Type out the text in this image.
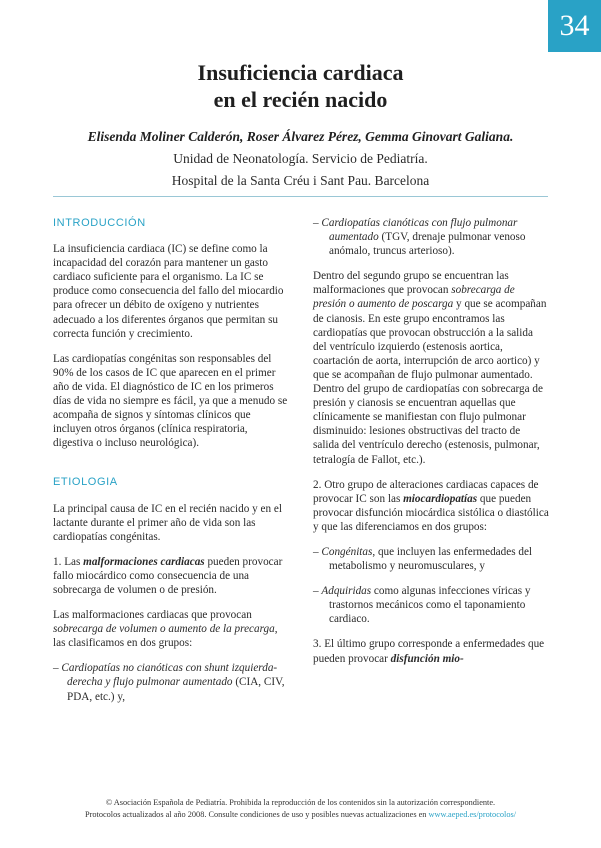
34
Insuficiencia cardiaca
en el recién nacido
Elisenda Moliner Calderón, Roser Álvarez Pérez, Gemma Ginovart Galiana.
Unidad de Neonatología. Servicio de Pediatría.
Hospital de la Santa Créu i Sant Pau. Barcelona
INTRODUCCIÓN

La insuficiencia cardiaca (IC) se define como la incapacidad del corazón para mantener un gasto cardiaco suficiente para el organismo. La IC se produce como consecuencia del fallo del miocardio para ofrecer un débito de oxígeno y nutrientes adecuado a los diferentes órganos que permitan su correcta función y crecimiento.

Las cardiopatías congénitas son responsables del 90% de los casos de IC que aparecen en el primer año de vida. El diagnóstico de IC en los primeros días de vida no siempre es fácil, ya que a menudo se acompaña de signos y síntomas clínicos que incluyen otros órganos (clínica respiratoria, digestiva o incluso neurológica).

ETIOLOGIA

La principal causa de IC en el recién nacido y en el lactante durante el primer año de vida son las cardiopatías congénitas.

1. Las malformaciones cardiacas pueden provocar fallo miocárdico como consecuencia de una sobrecarga de volumen o de presión.

Las malformaciones cardiacas que provocan sobrecarga de volumen o aumento de la precarga, las clasificamos en dos grupos:

– Cardiopatías no cianóticas con shunt izquierda-derecha y flujo pulmonar aumentado (CIA, CIV, PDA, etc.) y,

– Cardiopatías cianóticas con flujo pulmonar aumentado (TGV, drenaje pulmonar venoso anómalo, truncus arterioso).

Dentro del segundo grupo se encuentran las malformaciones que provocan sobrecarga de presión o aumento de poscarga y que se acompañan de cianosis. En este grupo encontramos las cardiopatías que provocan obstrucción a la salida del ventrículo izquierdo (estenosis aortica, coartación de aorta, interrupción de arco aortico) y que se acompañan de flujo pulmonar aumentado. Dentro del grupo de cardiopatías con sobrecarga de presión y cianosis se encuentran aquellas que clínicamente se manifiestan con flujo pulmonar disminuido: lesiones obstructivas del tracto de salida del ventrículo derecho (estenosis, pulmonar, tetralogía de Fallot, etc.).

2. Otro grupo de alteraciones cardiacas capaces de provocar IC son las miocardiopatías que pueden provocar disfunción miocárdica sistólica o diastólica y que las diferenciamos en dos grupos:

– Congénitas, que incluyen las enfermedades del metabolismo y neuromusculares, y

– Adquiridas como algunas infecciones víricas y trastornos mecánicos como el taponamiento cardiaco.

3. El último grupo corresponde a enfermedades que pueden provocar disfunción mio-

© Asociación Española de Pediatría. Prohibida la reproducción de los contenidos sin la autorización correspondiente.
Protocolos actualizados al año 2008. Consulte condiciones de uso y posibles nuevas actualizaciones en www.aeped.es/protocolos/
